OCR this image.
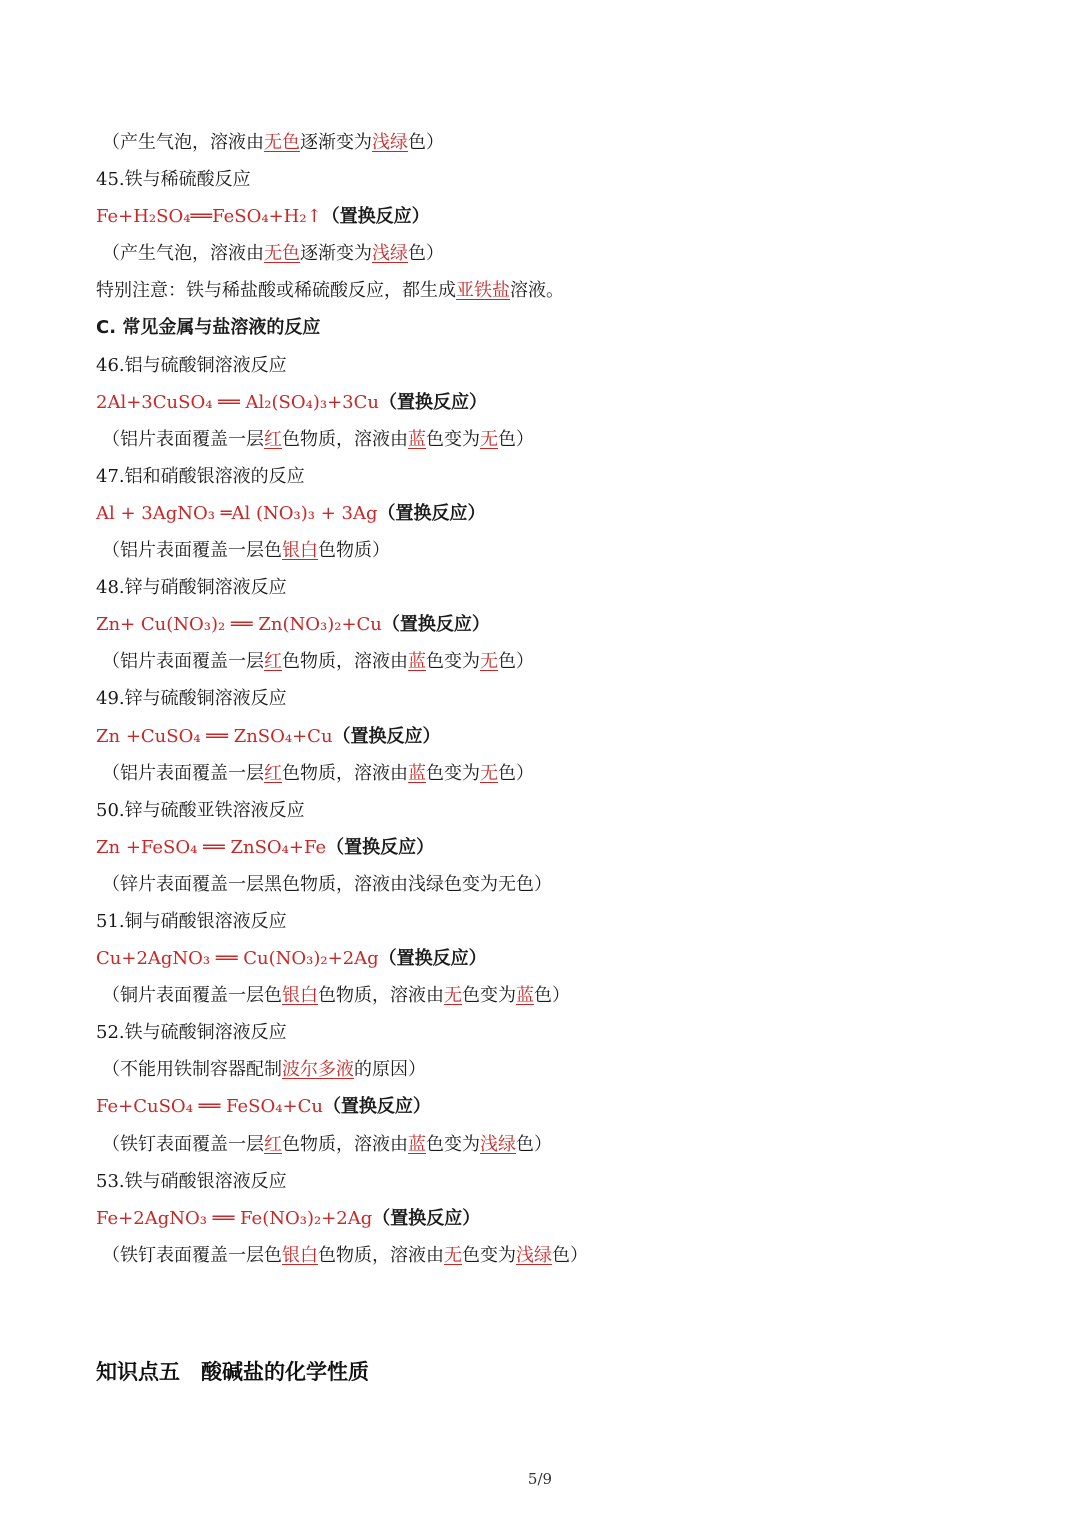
（产生气泡，溶液由无色逐渐变为浅绿色）
45.铁与稀硫酸反应
Fe+H₂SO₄══FeSO₄+H₂↑（置换反应）
（产生气泡，溶液由无色逐渐变为浅绿色）
特别注意：铁与稀盐酸或稀硫酸反应，都生成亚铁盐溶液。
C. 常见金属与盐溶液的反应
46.铝与硫酸铜溶液反应
2Al+3CuSO₄ ══ Al₂(SO₄)₃+3Cu（置换反应）
（铝片表面覆盖一层红色物质，溶液由蓝色变为无色）
47.铝和硝酸银溶液的反应
Al + 3AgNO₃ ═Al (NO₃)₃ + 3Ag（置换反应）
（铝片表面覆盖一层色银白色物质）
48.锌与硝酸铜溶液反应
Zn+ Cu(NO₃)₂ ══ Zn(NO₃)₂+Cu（置换反应）
（铝片表面覆盖一层红色物质，溶液由蓝色变为无色）
49.锌与硫酸铜溶液反应
Zn +CuSO₄ ══ ZnSO₄+Cu（置换反应）
（铝片表面覆盖一层红色物质，溶液由蓝色变为无色）
50.锌与硫酸亚铁溶液反应
Zn +FeSO₄ ══ ZnSO₄+Fe（置换反应）
（锌片表面覆盖一层黑色物质，溶液由浅绿色变为无色）
51.铜与硝酸银溶液反应
Cu+2AgNO₃ ══ Cu(NO₃)₂+2Ag（置换反应）
（铜片表面覆盖一层色银白色物质，溶液由无色变为蓝色）
52.铁与硫酸铜溶液反应
（不能用铁制容器配制波尔多液的原因）
Fe+CuSO₄ ══ FeSO₄+Cu（置换反应）
（铁钉表面覆盖一层红色物质，溶液由蓝色变为浅绿色）
53.铁与硝酸银溶液反应
Fe+2AgNO₃ ══ Fe(NO₃)₂+2Ag（置换反应）
（铁钉表面覆盖一层色银白色物质，溶液由无色变为浅绿色）
知识点五　酸碱盐的化学性质
5/9
